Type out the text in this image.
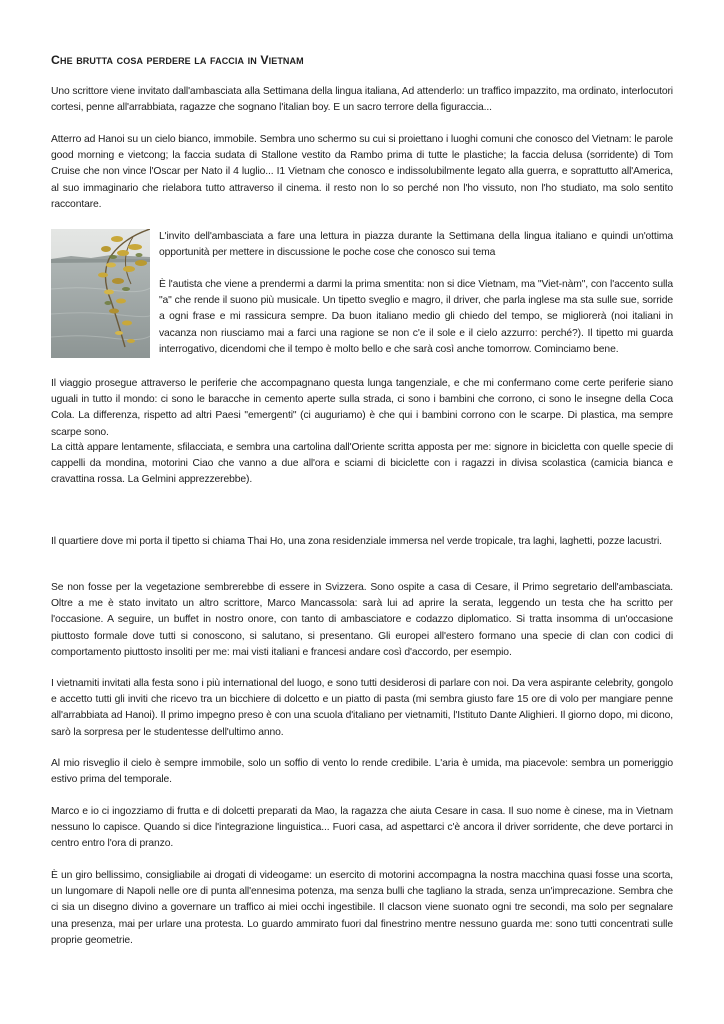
Che brutta cosa perdere la faccia in Vietnam

Uno scrittore viene invitato dall'ambasciata alla Settimana della lingua italiana, Ad attenderlo: un traffico impazzito, ma ordinato, interlocutori cortesi, penne all'arrabbiata, ragazze che sognano l'italian boy. E un sacro terrore della figuraccia...

Atterro ad Hanoi su un cielo bianco, immobile. Sembra uno schermo su cui si proiettano i luoghi comuni che conosco del Vietnam: le parole good morning e vietcong; la faccia sudata di Stallone vestito da Rambo prima di tutte le plastiche; la faccia delusa (sorridente) di Tom Cruise che non vince l'Oscar per Nato il 4 luglio... I1 Vietnam che conosco e indissolubilmente legato alla guerra, e soprattutto all'America, al suo immaginario che rielabora tutto attraverso il cinema. il resto non lo so perché non l'ho vissuto, non l'ho studiato, ma solo sentito raccontare.

L'invito dell'ambasciata a fare una lettura in piazza durante la Settimana della lingua italiano e quindi un'ottima opportunità per mettere in discussione le poche cose che conosco sui tema

È l'autista che viene a prendermi a darmi la prima smentita: non si dice Vietnam, ma "Viet-nàm", con l'accento sulla "a" che rende il suono più musicale. Un tipetto sveglio e magro, il driver, che parla inglese ma sta sulle sue, sorride a ogni frase e mi rassicura sempre. Da buon italiano medio gli chiedo del tempo, se migliorerà (noi italiani in vacanza non riusciamo mai a farci una ragione se non c'e il sole e il cielo azzurro: perché?). Il tipetto mi guarda interrogativo, dicendomi che il tempo è molto bello e che sarà così anche tomorrow. Cominciamo bene.

Il viaggio prosegue attraverso le periferie che accompagnano questa lunga tangenziale, e che mi confermano come certe periferie siano uguali in tutto il mondo: ci sono le baracche in cemento aperte sulla strada, ci sono i bambini che corrono, ci sono le insegne della Coca Cola. La differenza, rispetto ad altri Paesi "emergenti" (ci auguriamo) è che qui i bambini corrono con le scarpe. Di plastica, ma sempre scarpe sono.

La città appare lentamente, sfilacciata, e sembra una cartolina dall'Oriente scritta apposta per me: signore in bicicletta con quelle specie di cappelli da mondina, motorini Ciao che vanno a due all'ora e sciami di biciclette con i ragazzi in divisa scolastica (camicia bianca e cravattina rossa. La Gelmini apprezzerebbe).

Il quartiere dove mi porta il tipetto si chiama Thai Ho, una zona residenziale immersa nel verde tropicale, tra laghi, laghetti, pozze lacustri.

Se non fosse per la vegetazione sembrerebbe di essere in Svizzera. Sono ospite a casa di Cesare, il Primo segretario dell'ambasciata. Oltre a me è stato invitato un altro scrittore, Marco Mancassola: sarà lui ad aprire la serata, leggendo un testa che ha scritto per l'occasione. A seguire, un buffet in nostro onore, con tanto di ambasciatore e codazzo diplomatico. Si tratta insomma di un'occasione piuttosto formale dove tutti si conoscono, si salutano, si presentano. Gli europei all'estero formano una specie di clan con codici di comportamento piuttosto insoliti per me: mai visti italiani e francesi andare così d'accordo, per esempio.

I vietnamiti invitati alla festa sono i più international del luogo, e sono tutti desiderosi di parlare con noi. Da vera aspirante celebrity, gongolo e accetto tutti gli inviti che ricevo tra un bicchiere di dolcetto e un piatto di pasta (mi sembra giusto fare 15 ore di volo per mangiare penne all'arrabbiata ad Hanoi). Il primo impegno preso è con una scuola d'italiano per vietnamiti, l'Istituto Dante Alighieri. Il giorno dopo, mi dicono, sarò la sorpresa per le studentesse dell'ultimo anno.

Al mio risveglio il cielo è sempre immobile, solo un soffio di vento lo rende credibile. L'aria è umida, ma piacevole: sembra un pomeriggio estivo prima del temporale.

Marco e io ci ingozziamo di frutta e di dolcetti preparati da Mao, la ragazza che aiuta Cesare in casa. Il suo nome è cinese, ma in Vietnam nessuno lo capisce. Quando si dice l'integrazione linguistica... Fuori casa, ad aspettarci c'è ancora il driver sorridente, che deve portarci in centro entro l'ora di pranzo.

È un giro bellissimo, consigliabile ai drogati di videogame: un esercito di motorini accompagna la nostra macchina quasi fosse una scorta, un lungomare di Napoli nelle ore di punta all'ennesima potenza, ma senza bulli che tagliano la strada, senza un'imprecazione. Sembra che ci sia un disegno divino a governare un traffico ai miei occhi ingestibile. Il clacson viene suonato ogni tre secondi, ma solo per segnalare una presenza, mai per urlare una protesta. Lo guardo ammirato fuori dal finestrino mentre nessuno guarda me: sono tutti concentrati sulle proprie geometrie.
